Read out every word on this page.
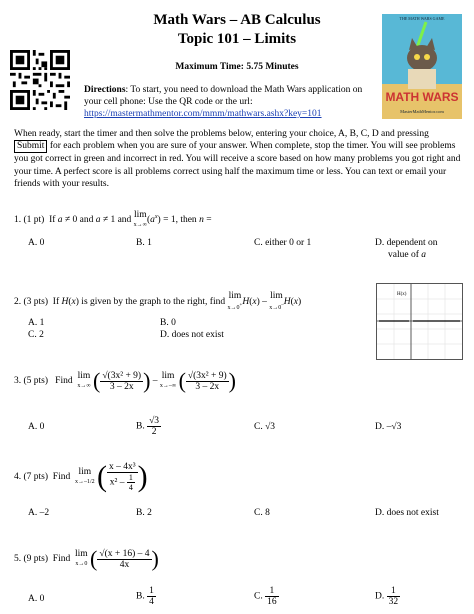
Math Wars – AB Calculus
Topic 101 – Limits
Maximum Time: 5.75 Minutes
Directions: To start, you need to download the Math Wars application on your cell phone: Use the QR code or the url:
https://mastermathmentor.com/mmm/mathwars.ashx?key=101
THE MATH WARS GAME
MATH WARS
MasterMathMentor.com
When ready, start the timer and then solve the problems below, entering your choice, A, B, C, D and pressing Submit for each problem when you are sure of your answer. When complete, stop the timer. You will see problems you got correct in green and incorrect in red. You will receive a score based on how many problems you got right and your time. A perfect score is all problems correct using half the maximum time or less. You can text or email your friends with your results.
1. (1 pt)  If a ≠ 0 and a ≠ 1 and lim
x→∞ $(a^x) = 1$, then n =
A. 0	B. 1	C. either 0 or 1	D. dependent on
value of a
2. (3 pts)  If H(x) is given by the graph to the right, find lim
x→0+ H(x) – lim
x→0– H(x)
A. 1	B. 0
C. 2	D. does not exist
H(x)
3. (5 pts) Find  lim
x→∞ ( $\frac{\text{√(3x² + 9)}}{3 - 2x}$ ) – lim
x→–∞ ( $\frac{\text{√(3x² + 9)}}{3 - 2x}$ )
A. 0	B. $\frac{√3}{2}$	C. √3	D. –√3
4. (7 pts) Find  lim
x→–1/2 ( $\frac{\text{x – 4x³}}{x^2 - \frac{1}{4}}$ )
A. –2	B. 2	C. 8	D. does not exist
5. (9 pts) Find  lim
x→0 ( $\frac{√(x + 16) - 4}{4x}$ )
A. 0	B. $\frac{1}{4}$	C. $\frac{1}{16}$	D. $\frac{1}{32}$
